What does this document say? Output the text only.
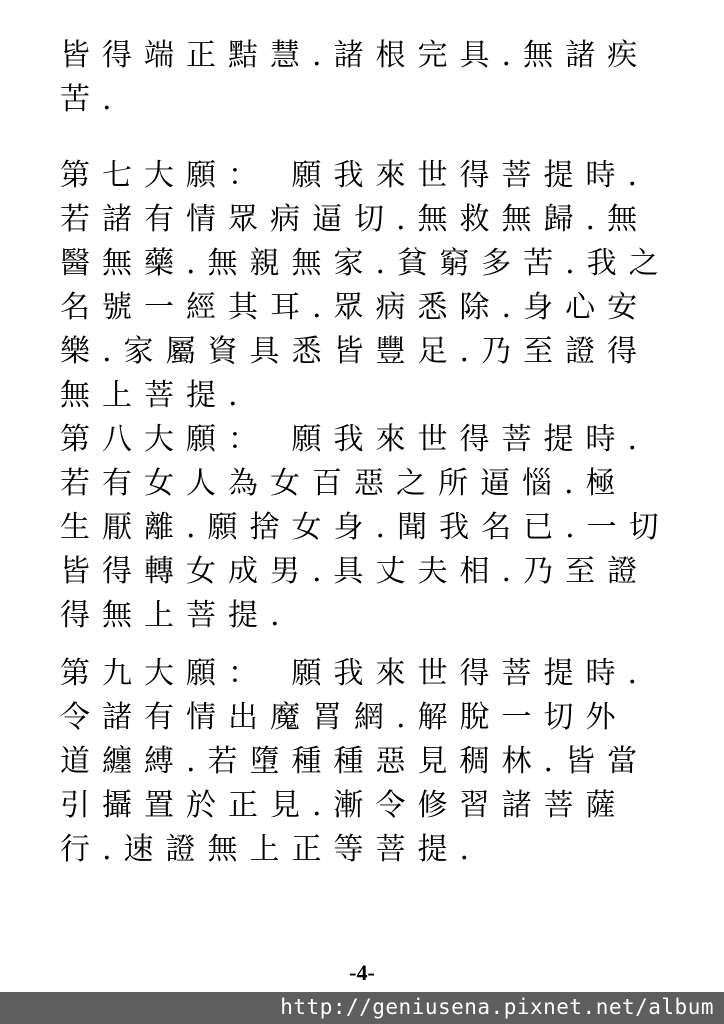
皆得端正黠慧.諸根完具.無諸疾
苦.
第七大願： 願我來世得菩提時.
若諸有情眾病逼切.無救無歸.無
醫無藥.無親無家.貧窮多苦.我之
名號一經其耳.眾病悉除.身心安
樂.家屬資具悉皆豐足.乃至證得
無上菩提.
第八大願： 願我來世得菩提時.
若有女人為女百惡之所逼惱.極
生厭離.願捨女身.聞我名已.一切
皆得轉女成男.具丈夫相.乃至證
得無上菩提.
第九大願： 願我來世得菩提時.
令諸有情出魔罥網.解脫一切外
道纏縛.若墮種種惡見稠林.皆當
引攝置於正見.漸令修習諸菩薩
行.速證無上正等菩提.
-4-
http://geniusena.pixnet.net/album
